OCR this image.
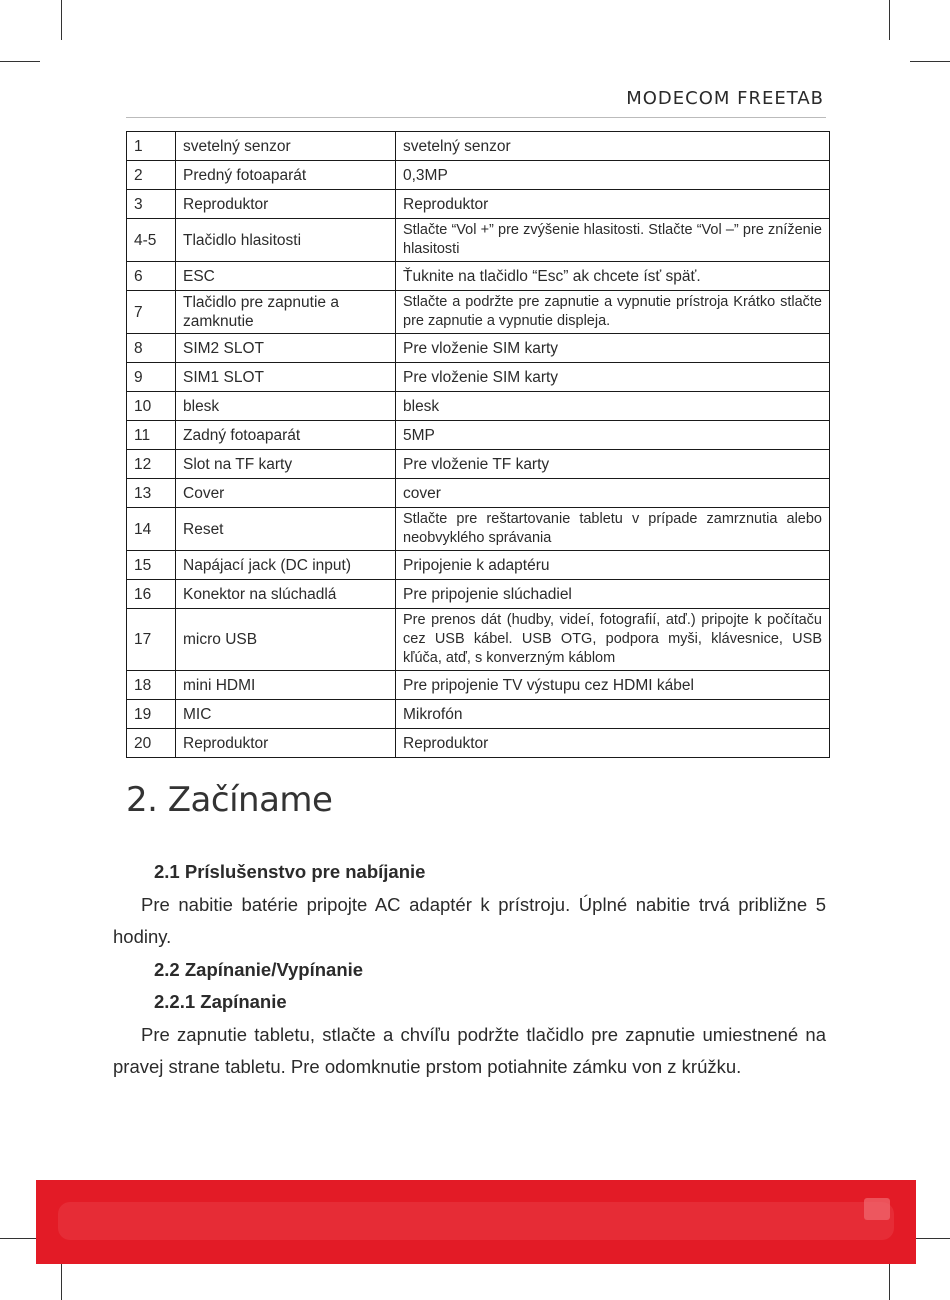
MODECOM FREETAB
1	svetelný senzor	svetelný senzor
2	Predný fotoaparát	0,3MP
3	Reproduktor	Reproduktor
4-5	Tlačidlo hlasitosti	Stlačte “Vol +” pre zvýšenie hlasitosti. Stlačte “Vol –” pre zníženie hlasitosti
6	ESC	Ťuknite na tlačidlo “Esc” ak chcete ísť späť.
7	Tlačidlo pre zapnutie a zamknutie	Stlačte a podržte pre zapnutie a vypnutie prístroja Krátko stlačte pre zapnutie a vypnutie displeja.
8	SIM2 SLOT	Pre vloženie SIM karty
9	SIM1 SLOT	Pre vloženie SIM karty
10	blesk	blesk
11	Zadný fotoaparát	5MP
12	Slot na TF karty	Pre vloženie TF karty
13	Cover	cover
14	Reset	Stlačte pre reštartovanie tabletu v prípade zamrznutia alebo neobvyklého správania
15	Napájací jack (DC input)	Pripojenie k adaptéru
16	Konektor na slúchadlá	Pre pripojenie slúchadiel
17	micro USB	Pre prenos dát (hudby, videí, fotografií, atď.) pripojte k počítaču cez USB kábel. USB OTG, podpora myši, klávesnice, USB kľúča, atď, s konverzným káblom
18	mini HDMI	Pre pripojenie TV výstupu cez HDMI kábel
19	MIC	Mikrofón
20	Reproduktor	Reproduktor
2. Začíname
2.1 Príslušenstvo pre nabíjanie

Pre nabitie batérie pripojte AC adaptér k prístroju. Úplné nabitie trvá približne 5 hodiny.

2.2 Zapínanie/Vypínanie
2.2.1 Zapínanie

Pre zapnutie tabletu, stlačte a chvíľu podržte tlačidlo pre zapnutie umiestnené na pravej strane tabletu. Pre odomknutie prstom potiahnite zámku von z krúžku.
